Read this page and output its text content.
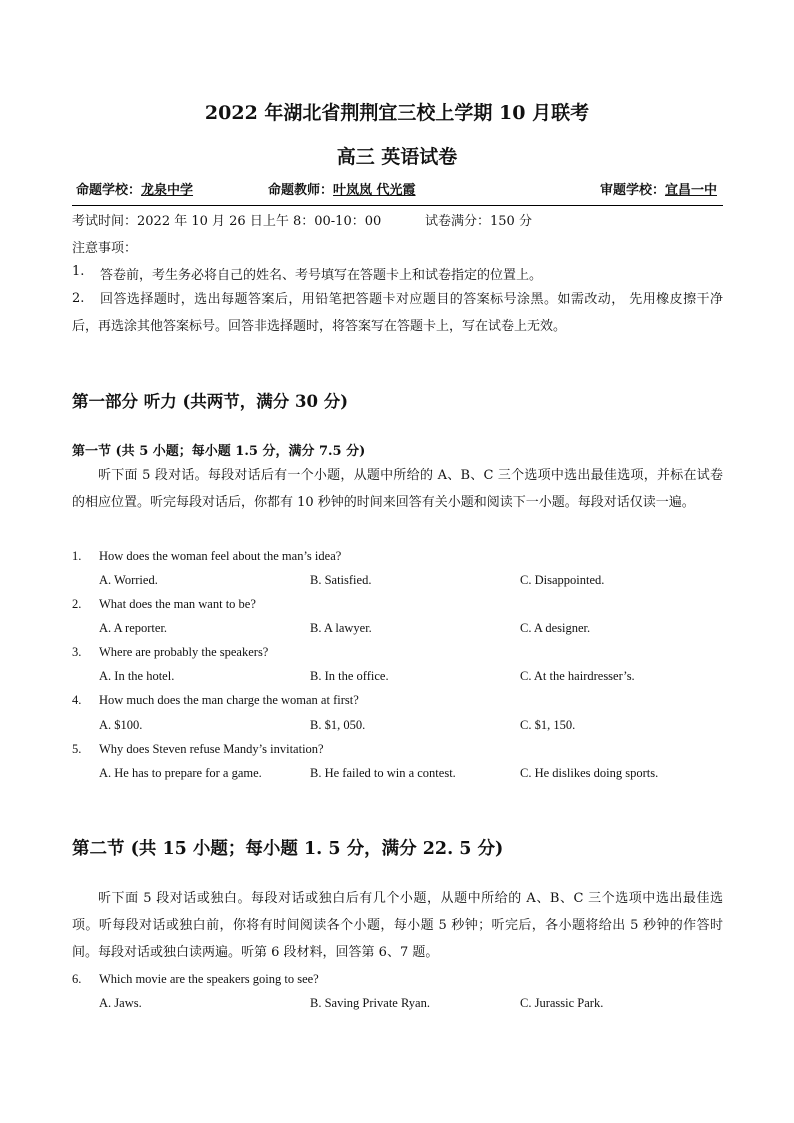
2022 年湖北省荆荆宜三校上学期 10 月联考
高三 英语试卷
命题学校：龙泉中学	命题教师：叶岚岚 代光霞	审题学校：宜昌一中
考试时间：2022 年 10 月 26 日上午 8：00-10：00	试卷满分：150 分
注意事项：
1. 答卷前，考生务必将自己的姓名、考号填写在答题卡上和试卷指定的位置上。
2.	回答选择题时，选出每题答案后，用铅笔把答题卡对应题目的答案标号涂黑。如需改动， 先用橡皮擦干净后，再选涂其他答案标号。回答非选择题时，将答案写在答题卡上，写在试卷上无效。
第一部分 听力 (共两节，满分 30 分)
第一节 (共 5 小题；每小题 1.5 分，满分 7.5 分)
听下面 5 段对话。每段对话后有一个小题，从题中所给的 A、B、C 三个选项中选出最佳选项，并标在试卷的相应位置。听完每段对话后，你都有 10 秒钟的时间来回答有关小题和阅读下一小题。每段对话仅读一遍。
1. How does the woman feel about the man’s idea?
A. Worried.	B. Satisfied.	C. Disappointed.
2. What does the man want to be?
A. A reporter.	B. A lawyer.	C. A designer.
3. Where are probably the speakers?
A. In the hotel.	B. In the office.	C. At the hairdresser’s.
4. How much does the man charge the woman at first?
A. $100.	B. $1, 050.	C. $1, 150.
5. Why does Steven refuse Mandy’s invitation?
A. He has to prepare for a game.	B. He failed to win a contest.	C. He dislikes doing sports.
第二节 (共 15 小题；每小题 1. 5 分，满分 22. 5 分)
听下面 5 段对话或独白。每段对话或独白后有几个小题，从题中所给的 A、B、C 三个选项中选出最佳选项。听每段对话或独白前，你将有时间阅读各个小题，每小题 5 秒钟；听完后，各小题将给出 5 秒钟的作答时间。每段对话或独白读两遍。听第 6 段材料，回答第 6、7 题。
6. Which movie are the speakers going to see?
A. Jaws.	B. Saving Private Ryan.	C. Jurassic Park.
